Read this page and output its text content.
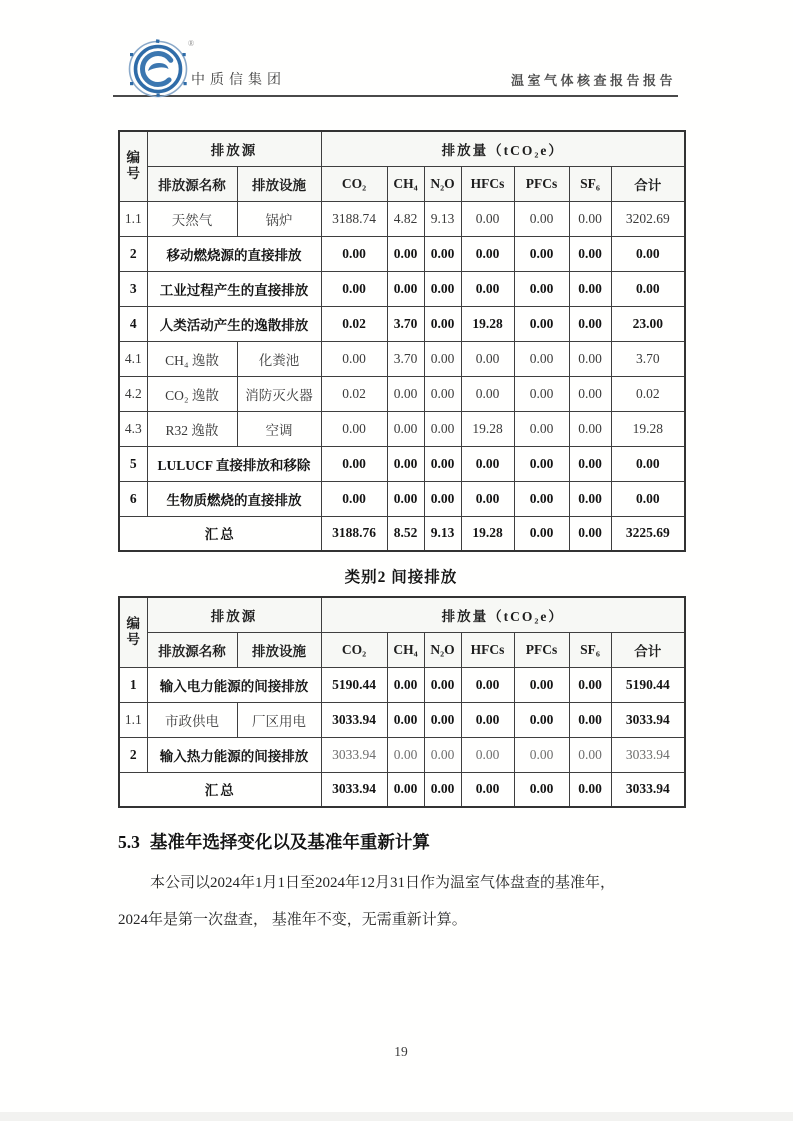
®
中质信集团	温室气体核查报告报告
编号	排放源		排放量（tCO₂e）						
	排放源名称	排放设施	CO₂	CH₄	N₂O	HFCs	PFCs	SF₆	合计
1.1	天然气	锅炉	3188.74	4.82	9.13	0.00	0.00	0.00	3202.69
2	移动燃烧源的直接排放		0.00	0.00	0.00	0.00	0.00	0.00	0.00
3	工业过程产生的直接排放		0.00	0.00	0.00	0.00	0.00	0.00	0.00
4	人类活动产生的逸散排放		0.02	3.70	0.00	19.28	0.00	0.00	23.00
4.1	CH₄ 逸散	化粪池	0.00	3.70	0.00	0.00	0.00	0.00	3.70
4.2	CO₂ 逸散	消防灭火器	0.02	0.00	0.00	0.00	0.00	0.00	0.02
4.3	R32 逸散	空调	0.00	0.00	0.00	19.28	0.00	0.00	19.28
5	LULUCF 直接排放和移除		0.00	0.00	0.00	0.00	0.00	0.00	0.00
6	生物质燃烧的直接排放		0.00	0.00	0.00	0.00	0.00	0.00	0.00
汇总			3188.76	8.52	9.13	19.28	0.00	0.00	3225.69
类别2 间接排放
编号	排放源		排放量（tCO₂e）						
	排放源名称	排放设施	CO₂	CH₄	N₂O	HFCs	PFCs	SF₆	合计
1	输入电力能源的间接排放		5190.44	0.00	0.00	0.00	0.00	0.00	5190.44
1.1	市政供电	厂区用电	3033.94	0.00	0.00	0.00	0.00	0.00	3033.94
2	输入热力能源的间接排放		3033.94	0.00	0.00	0.00	0.00	0.00	3033.94
汇总			3033.94	0.00	0.00	0.00	0.00	0.00	3033.94
5.3 基准年选择变化以及基准年重新计算

本公司以2024年1月1日至2024年12月31日作为温室气体盘查的基准年，
2024年是第一次盘查， 基准年不变，无需重新计算。

19
